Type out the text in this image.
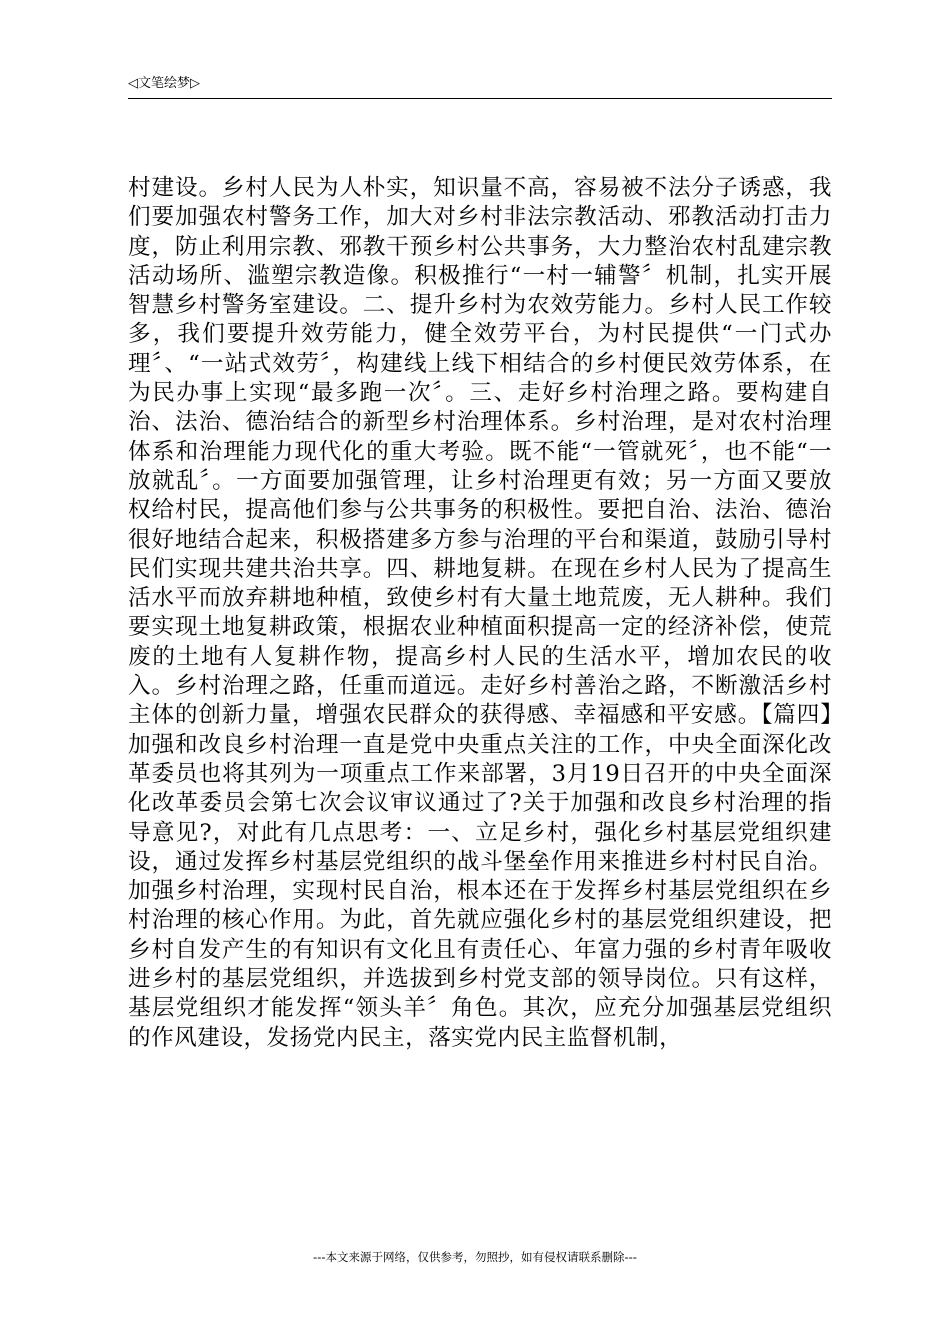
◁文笔绘梦▷

村建设。乡村人民为人朴实，知识量不高，容易被不法分子诱惑，我们要加强农村警务工作，加大对乡村非法宗教活动、邪教活动打击力度，防止利用宗教、邪教干预乡村公共事务，大力整治农村乱建宗教活动场所、滥塑宗教造像。积极推行“一村一辅警〞机制，扎实开展智慧乡村警务室建设。二、提升乡村为农效劳能力。乡村人民工作较多，我们要提升效劳能力，健全效劳平台，为村民提供“一门式办理〞、“一站式效劳〞，构建线上线下相结合的乡村便民效劳体系，在为民办事上实现“最多跑一次〞。三、走好乡村治理之路。要构建自治、法治、德治结合的新型乡村治理体系。乡村治理，是对农村治理体系和治理能力现代化的重大考验。既不能“一管就死〞，也不能“一放就乱〞。一方面要加强管理，让乡村治理更有效；另一方面又要放权给村民，提高他们参与公共事务的积极性。要把自治、法治、德治很好地结合起来，积极搭建多方参与治理的平台和渠道，鼓励引导村民们实现共建共治共享。四、耕地复耕。在现在乡村人民为了提高生活水平而放弃耕地种植，致使乡村有大量土地荒废，无人耕种。我们要实现土地复耕政策，根据农业种植面积提高一定的经济补偿，使荒废的土地有人复耕作物，提高乡村人民的生活水平，增加农民的收入。乡村治理之路，任重而道远。走好乡村善治之路，不断激活乡村主体的创新力量，增强农民群众的获得感、幸福感和平安感。【篇四】加强和改良乡村治理一直是党中央重点关注的工作，中央全面深化改革委员也将其列为一项重点工作来部署，3月19日召开的中央全面深化改革委员会第七次会议审议通过了?关于加强和改良乡村治理的指导意见?，对此有几点思考：一、立足乡村，强化乡村基层党组织建设，通过发挥乡村基层党组织的战斗堡垒作用来推进乡村村民自治。加强乡村治理，实现村民自治，根本还在于发挥乡村基层党组织在乡村治理的核心作用。为此，首先就应强化乡村的基层党组织建设，把乡村自发产生的有知识有文化且有责任心、年富力强的乡村青年吸收进乡村的基层党组织，并选拔到乡村党支部的领导岗位。只有这样，基层党组织才能发挥“领头羊〞角色。其次，应充分加强基层党组织的作风建设，发扬党内民主，落实党内民主监督机制，

---本文来源于网络，仅供参考，勿照抄，如有侵权请联系删除---
